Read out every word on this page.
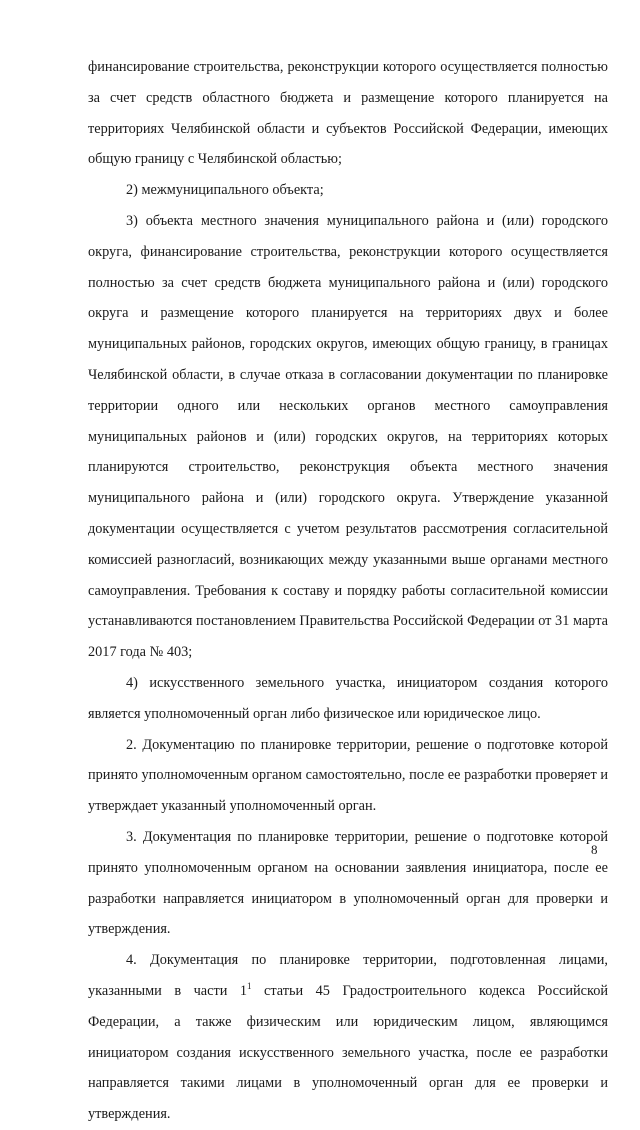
финансирование строительства, реконструкции которого осуществляется полностью за счет средств областного бюджета и размещение которого планируется на территориях Челябинской области и субъектов Российской Федерации, имеющих общую границу с Челябинской областью;

2) межмуниципального объекта;

3) объекта местного значения муниципального района и (или) городского округа, финансирование строительства, реконструкции которого осуществляется полностью за счет средств бюджета муниципального района и (или) городского округа и размещение которого планируется на территориях двух и более муниципальных районов, городских округов, имеющих общую границу, в границах Челябинской области, в случае отказа в согласовании документации по планировке территории одного или нескольких органов местного самоуправления муниципальных районов и (или) городских округов, на территориях которых планируются строительство, реконструкция объекта местного значения муниципального района и (или) городского округа. Утверждение указанной документации осуществляется с учетом результатов рассмотрения согласительной комиссией разногласий, возникающих между указанными выше органами местного самоуправления. Требования к составу и порядку работы согласительной комиссии устанавливаются постановлением Правительства Российской Федерации от 31 марта 2017 года № 403;

4) искусственного земельного участка, инициатором создания которого является уполномоченный орган либо физическое или юридическое лицо.

2. Документацию по планировке территории, решение о подготовке которой принято уполномоченным органом самостоятельно, после ее разработки проверяет и утверждает указанный уполномоченный орган.

3. Документация по планировке территории, решение о подготовке которой принято уполномоченным органом на основании заявления инициатора, после ее разработки направляется инициатором в уполномоченный орган для проверки и утверждения.

4. Документация по планировке территории, подготовленная лицами, указанными в части $1^1$ статьи 45 Градостроительного кодекса Российской Федерации, а также физическим или юридическим лицом, являющимся инициатором создания искусственного земельного участка, после ее разработки направляется такими лицами в уполномоченный орган для ее проверки и утверждения.

8
